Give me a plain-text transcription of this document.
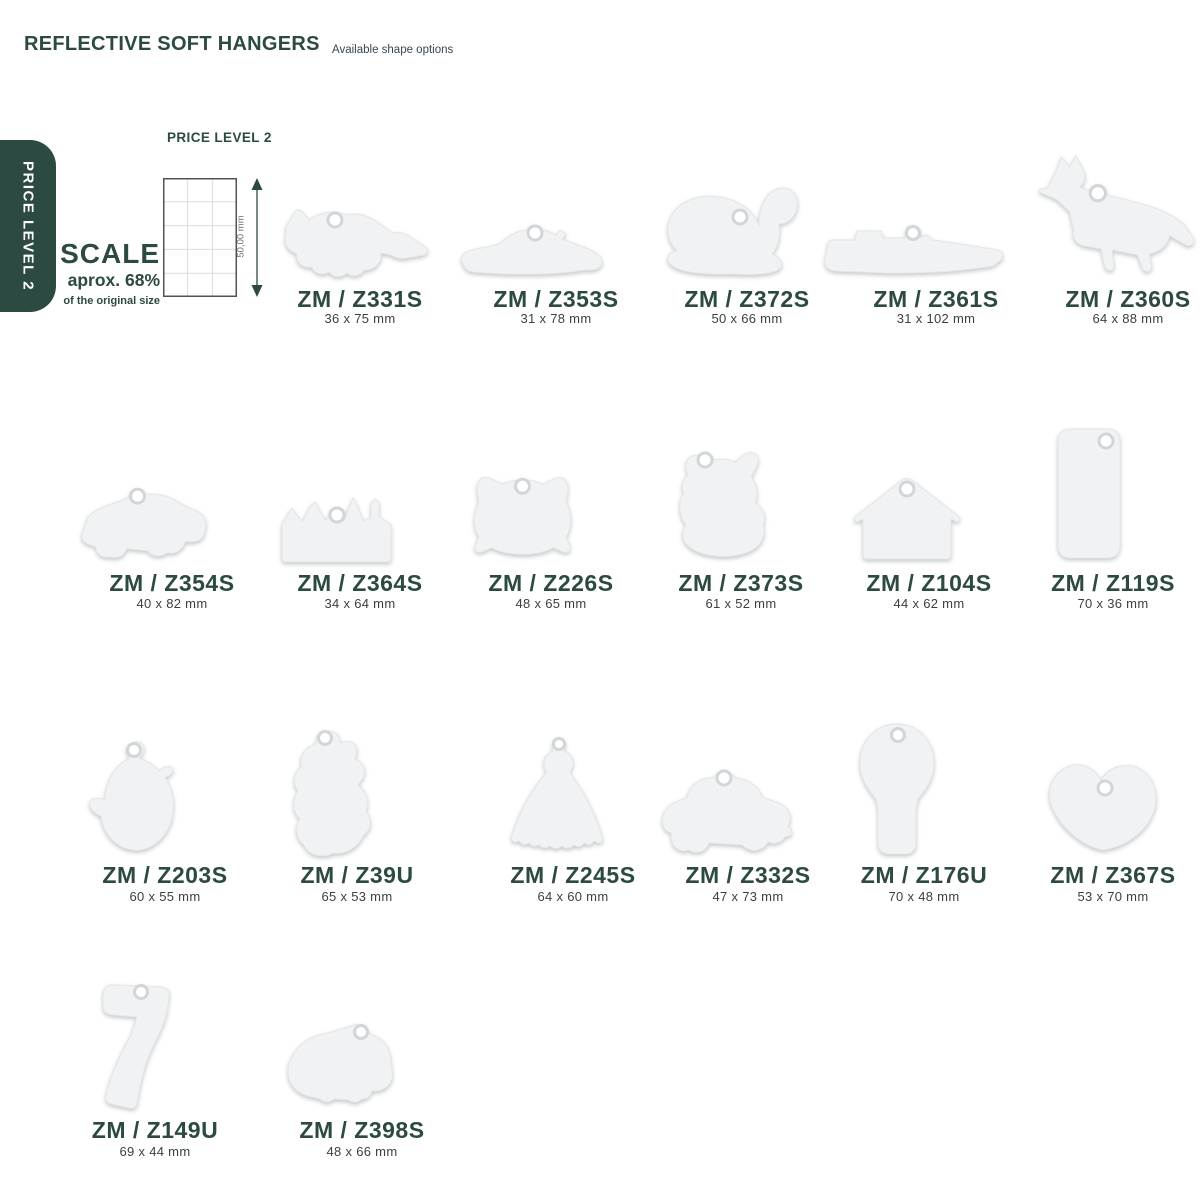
REFLECTIVE SOFT HANGERS Available shape options
PRICE LEVEL 2
PRICE LEVEL 2
SCALE
aprox. 68%
of the original size
50,00 mm
ZM / Z331S
36 x 75 mm
ZM / Z353S
31 x 78 mm
ZM / Z372S
50 x 66 mm
ZM / Z361S
31 x 102 mm
ZM / Z360S
64 x 88 mm
ZM / Z354S
40 x 82 mm
ZM / Z364S
34 x 64 mm
ZM / Z226S
48 x 65 mm
ZM / Z373S
61 x 52 mm
ZM / Z104S
44 x 62 mm
ZM / Z119S
70 x 36 mm
ZM / Z203S
60 x 55 mm
ZM / Z39U
65 x 53 mm
ZM / Z245S
64 x 60 mm
ZM / Z332S
47 x 73 mm
ZM / Z176U
70 x 48 mm
ZM / Z367S
53 x 70 mm
ZM / Z149U
69 x 44 mm
ZM / Z398S
48 x 66 mm
